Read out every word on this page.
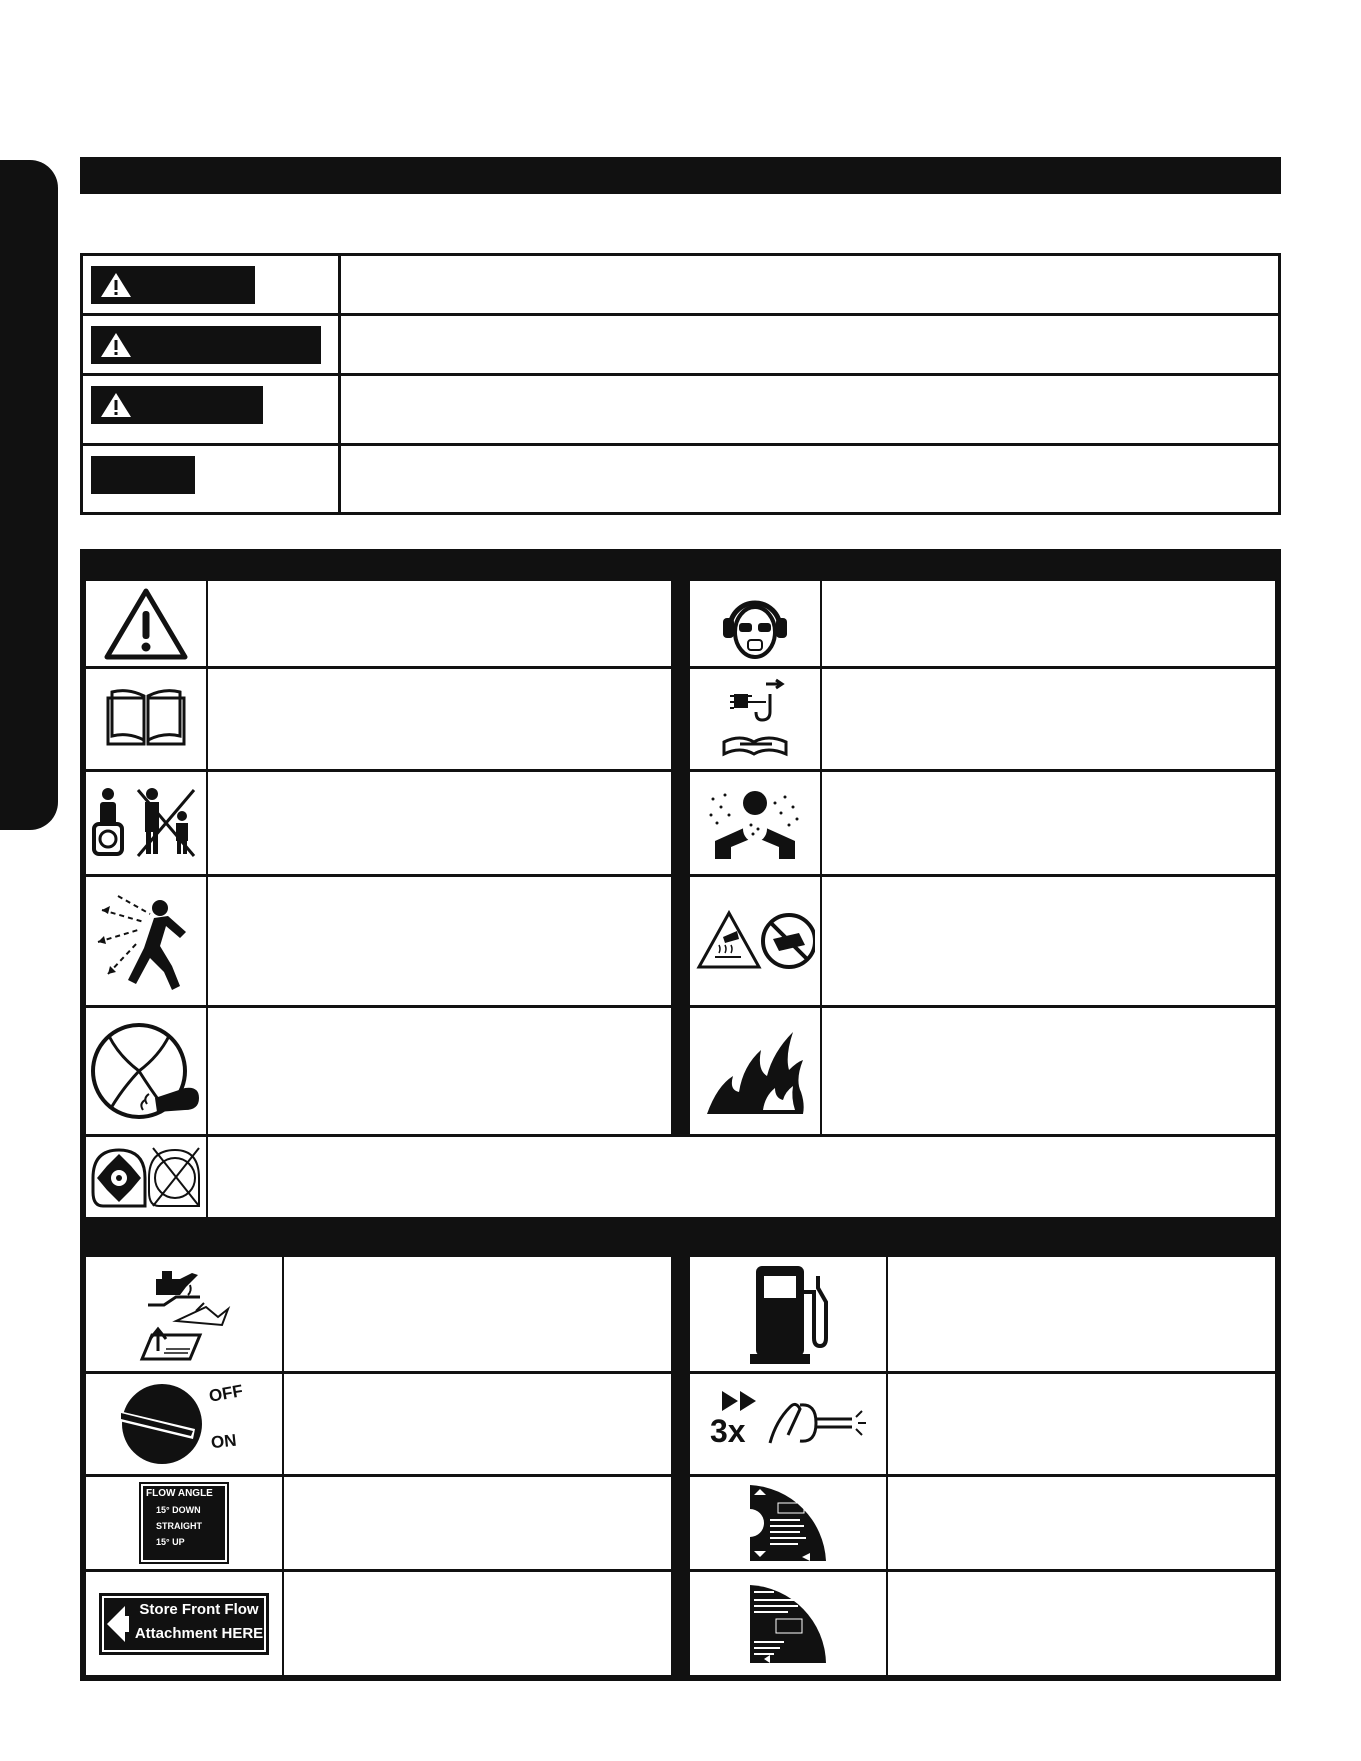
OFF
ON	3x
FLOW ANGLE
15° DOWN
STRAIGHT
15° UP
Store Front Flow
Attachment HERE
